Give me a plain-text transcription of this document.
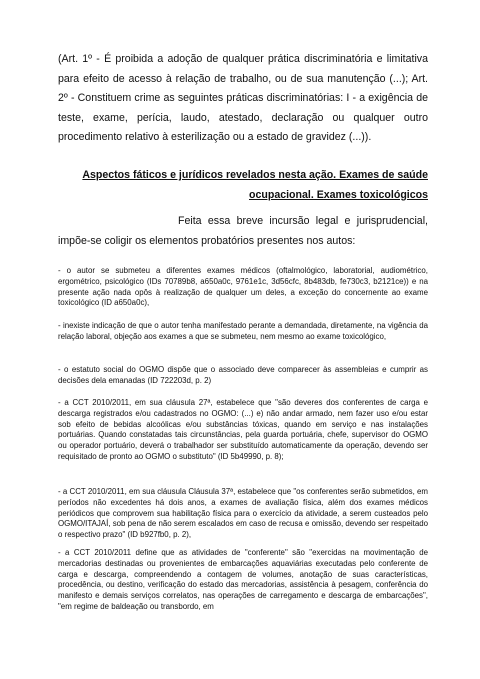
(Art. 1º - É proibida a adoção de qualquer prática discriminatória e limitativa para efeito de acesso à relação de trabalho, ou de sua manutenção (...); Art. 2º - Constituem crime as seguintes práticas discriminatórias: I - a exigência de teste, exame, perícia, laudo, atestado, declaração ou qualquer outro procedimento relativo à esterilização ou a estado de gravidez (...)).

Aspectos fáticos e jurídicos revelados nesta ação. Exames de saúde ocupacional. Exames toxicológicos

Feita essa breve incursão legal e jurisprudencial, impõe-se coligir os elementos probatórios presentes nos autos:

- o autor se submeteu a diferentes exames médicos (oftalmológico, laboratorial, audiométrico, ergométrico, psicológico (IDs 70789b8, a650a0c, 9761e1c, 3d56cfc, 8b483db, fe730c3, b2121ce)) e na presente ação nada opôs à realização de qualquer um deles, a exceção do concernente ao exame toxicológico (ID a650a0c),

- inexiste indicação de que o autor tenha manifestado perante a demandada, diretamente, na vigência da relação laboral, objeção aos exames a que se submeteu, nem mesmo ao exame toxicológico,

- o estatuto social do OGMO dispõe que o associado deve comparecer às assembleias e cumprir as decisões dela emanadas (ID 722203d, p. 2)

- a CCT 2010/2011, em sua cláusula 27ª, estabelece que "são deveres dos conferentes de carga e descarga registrados e/ou cadastrados no OGMO: (...) e) não andar armado, nem fazer uso e/ou estar sob efeito de bebidas alcoólicas e/ou substâncias tóxicas, quando em serviço e nas instalações portuárias. Quando constatadas tais circunstâncias, pela guarda portuária, chefe, supervisor do OGMO ou operador portuário, deverá o trabalhador ser substituído automaticamente da operação, devendo ser requisitado de pronto ao OGMO o substituto" (ID 5b49990, p. 8);

- a CCT 2010/2011, em sua cláusula Cláusula 37ª, estabelece que "os conferentes serão submetidos, em períodos não excedentes há dois anos, a exames de avaliação física, além dos exames médicos periódicos que comprovem sua habilitação física para o exercício da atividade, a serem custeados pelo OGMO/ITAJAÍ, sob pena de não serem escalados em caso de recusa e omissão, devendo ser respeitado o respectivo prazo" (ID b927fb0, p. 2),

- a CCT 2010/2011 define que as atividades de "conferente" são "exercidas na movimentação de mercadorias destinadas ou provenientes de embarcações aquaviárias executadas pelo conferente de carga e descarga, compreendendo a contagem de volumes, anotação de suas características, procedência, ou destino, verificação do estado das mercadorias, assistência à pesagem, conferência do manifesto e demais serviços correlatos, nas operações de carregamento e descarga de embarcações", "em regime de baldeação ou transbordo, em
